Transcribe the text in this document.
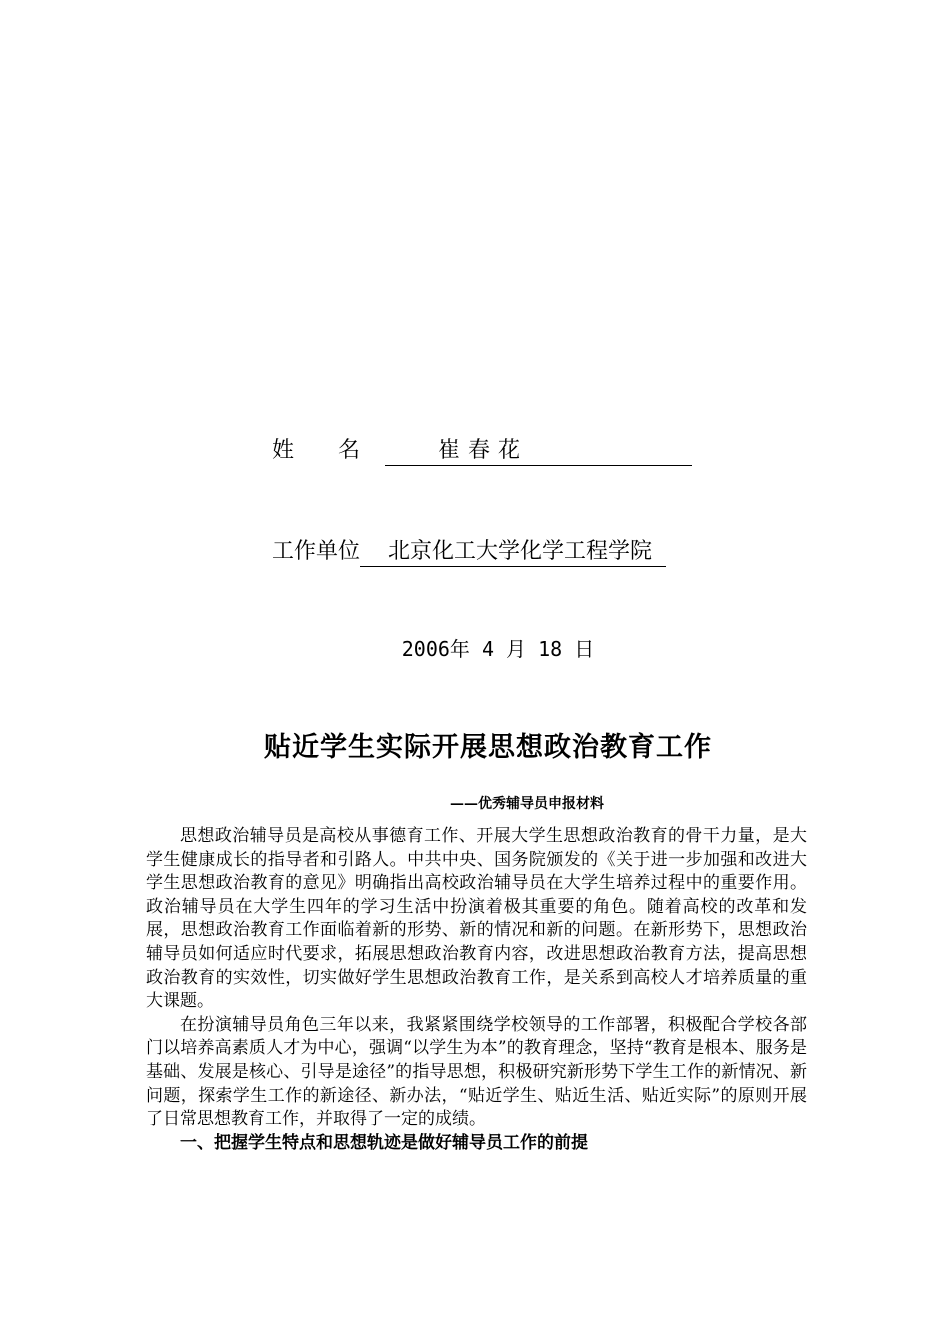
姓　　名	崔春花
工作单位 北京化工大学化学工程学院
2006年 4 月 18 日
贴近学生实际开展思想政治教育工作
——优秀辅导员申报材料

思想政治辅导员是高校从事德育工作、开展大学生思想政治教育的骨干力量，是大学生健康成长的指导者和引路人。中共中央、国务院颁发的《关于进一步加强和改进大学生思想政治教育的意见》明确指出高校政治辅导员在大学生培养过程中的重要作用。政治辅导员在大学生四年的学习生活中扮演着极其重要的角色。随着高校的改革和发展，思想政治教育工作面临着新的形势、新的情况和新的问题。在新形势下，思想政治辅导员如何适应时代要求，拓展思想政治教育内容，改进思想政治教育方法，提高思想政治教育的实效性，切实做好学生思想政治教育工作，是关系到高校人才培养质量的重大课题。

在扮演辅导员角色三年以来，我紧紧围绕学校领导的工作部署，积极配合学校各部门以培养高素质人才为中心，强调“以学生为本”的教育理念，坚持“教育是根本、服务是基础、发展是核心、引导是途径”的指导思想，积极研究新形势下学生工作的新情况、新问题，探索学生工作的新途径、新办法，“贴近学生、贴近生活、贴近实际”的原则开展了日常思想教育工作，并取得了一定的成绩。

一、把握学生特点和思想轨迹是做好辅导员工作的前提
